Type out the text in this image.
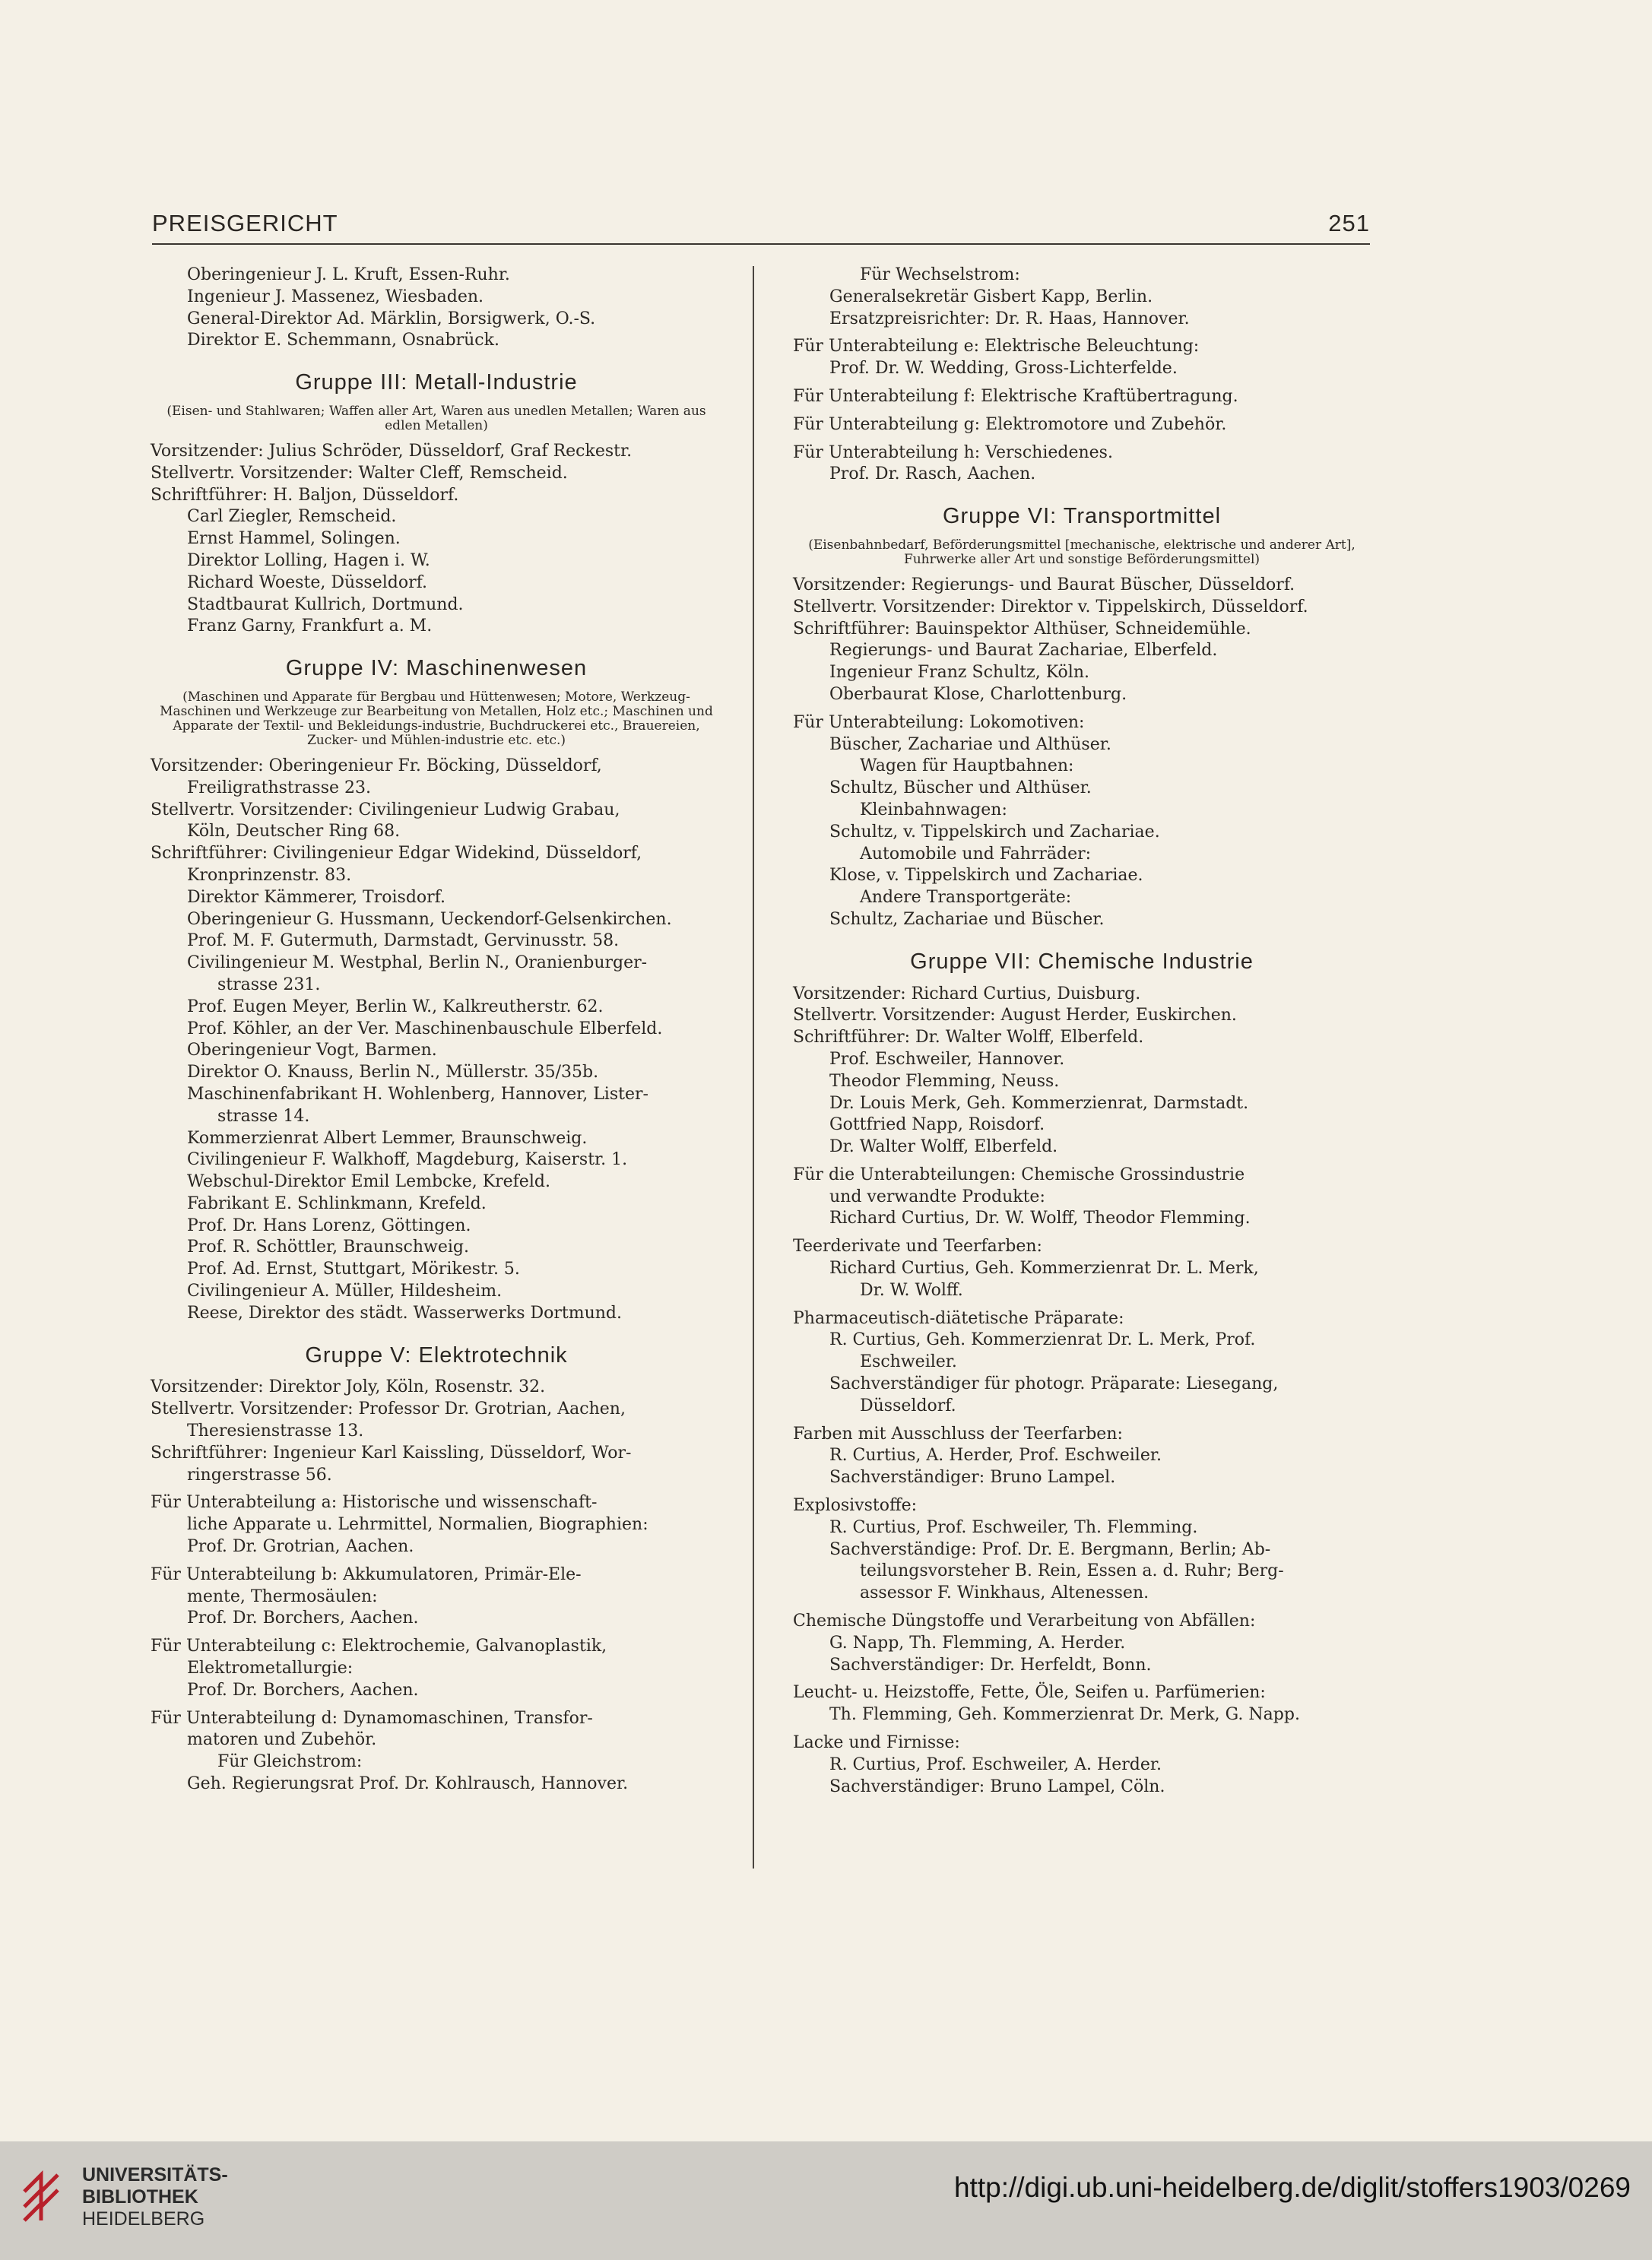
PREISGERICHT	251
Oberingenieur J. L. Kruft, Essen-Ruhr.
Ingenieur J. Massenez, Wiesbaden.
General-Direktor Ad. Märklin, Borsigwerk, O.-S.
Direktor E. Schemmann, Osnabrück.
Gruppe III: Metall-Industrie
(Eisen- und Stahlwaren; Waffen aller Art, Waren aus unedlen Metallen; Waren aus edlen Metallen)
Vorsitzender: Julius Schröder, Düsseldorf, Graf Reckestr.
Stellvertr. Vorsitzender: Walter Cleff, Remscheid.
Schriftführer: H. Baljon, Düsseldorf.
Carl Ziegler, Remscheid.
Ernst Hammel, Solingen.
Direktor Lolling, Hagen i. W.
Richard Woeste, Düsseldorf.
Stadtbaurat Kullrich, Dortmund.
Franz Garny, Frankfurt a. M.
Gruppe IV: Maschinenwesen
(Maschinen und Apparate für Bergbau und Hüttenwesen; Motore, Werkzeug-Maschinen und Werkzeuge zur Bearbeitung von Metallen, Holz etc.; Maschinen und Apparate der Textil- und Bekleidungs-industrie, Buchdruckerei etc., Brauereien, Zucker- und Mühlen-industrie etc. etc.)
Vorsitzender: Oberingenieur Fr. Böcking, Düsseldorf,
Freiligrathstrasse 23.
Stellvertr. Vorsitzender: Civilingenieur Ludwig Grabau,
Köln, Deutscher Ring 68.
Schriftführer: Civilingenieur Edgar Widekind, Düsseldorf,
Kronprinzenstr. 83.
Direktor Kämmerer, Troisdorf.
Oberingenieur G. Hussmann, Ueckendorf-Gelsenkirchen.
Prof. M. F. Gutermuth, Darmstadt, Gervinusstr. 58.
Civilingenieur M. Westphal, Berlin N., Oranienburger-
strasse 231.
Prof. Eugen Meyer, Berlin W., Kalkreutherstr. 62.
Prof. Köhler, an der Ver. Maschinenbauschule Elberfeld.
Oberingenieur Vogt, Barmen.
Direktor O. Knauss, Berlin N., Müllerstr. 35/35b.
Maschinenfabrikant H. Wohlenberg, Hannover, Lister-
strasse 14.
Kommerzienrat Albert Lemmer, Braunschweig.
Civilingenieur F. Walkhoff, Magdeburg, Kaiserstr. 1.
Webschul-Direktor Emil Lembcke, Krefeld.
Fabrikant E. Schlinkmann, Krefeld.
Prof. Dr. Hans Lorenz, Göttingen.
Prof. R. Schöttler, Braunschweig.
Prof. Ad. Ernst, Stuttgart, Mörikestr. 5.
Civilingenieur A. Müller, Hildesheim.
Reese, Direktor des städt. Wasserwerks Dortmund.
Gruppe V: Elektrotechnik
Vorsitzender: Direktor Joly, Köln, Rosenstr. 32.
Stellvertr. Vorsitzender: Professor Dr. Grotrian, Aachen,
Theresienstrasse 13.
Schriftführer: Ingenieur Karl Kaissling, Düsseldorf, Wor-
ringerstrasse 56.
Für Unterabteilung a: Historische und wissenschaft-
liche Apparate u. Lehrmittel, Normalien, Biographien:
Prof. Dr. Grotrian, Aachen.
Für Unterabteilung b: Akkumulatoren, Primär-Ele-
mente, Thermosäulen:
Prof. Dr. Borchers, Aachen.
Für Unterabteilung c: Elektrochemie, Galvanoplastik,
Elektrometallurgie:
Prof. Dr. Borchers, Aachen.
Für Unterabteilung d: Dynamomaschinen, Transfor-
matoren und Zubehör.
Für Gleichstrom:
Geh. Regierungsrat Prof. Dr. Kohlrausch, Hannover.
Für Wechselstrom:
Generalsekretär Gisbert Kapp, Berlin.
Ersatzpreisrichter: Dr. R. Haas, Hannover.
Für Unterabteilung e: Elektrische Beleuchtung:
Prof. Dr. W. Wedding, Gross-Lichterfelde.
Für Unterabteilung f: Elektrische Kraftübertragung.
Für Unterabteilung g: Elektromotore und Zubehör.
Für Unterabteilung h: Verschiedenes.
Prof. Dr. Rasch, Aachen.
Gruppe VI: Transportmittel
(Eisenbahnbedarf, Beförderungsmittel [mechanische, elektrische und anderer Art], Fuhrwerke aller Art und sonstige Beförderungsmittel)
Vorsitzender: Regierungs- und Baurat Büscher, Düsseldorf.
Stellvertr. Vorsitzender: Direktor v. Tippelskirch, Düsseldorf.
Schriftführer: Bauinspektor Althüser, Schneidemühle.
Regierungs- und Baurat Zachariae, Elberfeld.
Ingenieur Franz Schultz, Köln.
Oberbaurat Klose, Charlottenburg.
Für Unterabteilung: Lokomotiven:
Büscher, Zachariae und Althüser.
Wagen für Hauptbahnen:
Schultz, Büscher und Althüser.
Kleinbahnwagen:
Schultz, v. Tippelskirch und Zachariae.
Automobile und Fahrräder:
Klose, v. Tippelskirch und Zachariae.
Andere Transportgeräte:
Schultz, Zachariae und Büscher.
Gruppe VII: Chemische Industrie
Vorsitzender: Richard Curtius, Duisburg.
Stellvertr. Vorsitzender: August Herder, Euskirchen.
Schriftführer: Dr. Walter Wolff, Elberfeld.
Prof. Eschweiler, Hannover.
Theodor Flemming, Neuss.
Dr. Louis Merk, Geh. Kommerzienrat, Darmstadt.
Gottfried Napp, Roisdorf.
Dr. Walter Wolff, Elberfeld.
Für die Unterabteilungen: Chemische Grossindustrie
und verwandte Produkte:
Richard Curtius, Dr. W. Wolff, Theodor Flemming.
Teerderivate und Teerfarben:
Richard Curtius, Geh. Kommerzienrat Dr. L. Merk,
Dr. W. Wolff.
Pharmaceutisch-diätetische Präparate:
R. Curtius, Geh. Kommerzienrat Dr. L. Merk, Prof.
Eschweiler.
Sachverständiger für photogr. Präparate: Liesegang,
Düsseldorf.
Farben mit Ausschluss der Teerfarben:
R. Curtius, A. Herder, Prof. Eschweiler.
Sachverständiger: Bruno Lampel.
Explosivstoffe:
R. Curtius, Prof. Eschweiler, Th. Flemming.
Sachverständige: Prof. Dr. E. Bergmann, Berlin; Ab-
teilungsvorsteher B. Rein, Essen a. d. Ruhr; Berg-
assessor F. Winkhaus, Altenessen.
Chemische Düngstoffe und Verarbeitung von Abfällen:
G. Napp, Th. Flemming, A. Herder.
Sachverständiger: Dr. Herfeldt, Bonn.
Leucht- u. Heizstoffe, Fette, Öle, Seifen u. Parfümerien:
Th. Flemming, Geh. Kommerzienrat Dr. Merk, G. Napp.
Lacke und Firnisse:
R. Curtius, Prof. Eschweiler, A. Herder.
Sachverständiger: Bruno Lampel, Cöln.
UNIVERSITÄTS-
BIBLIOTHEK
HEIDELBERG
http://digi.ub.uni-heidelberg.de/diglit/stoffers1903/0269
